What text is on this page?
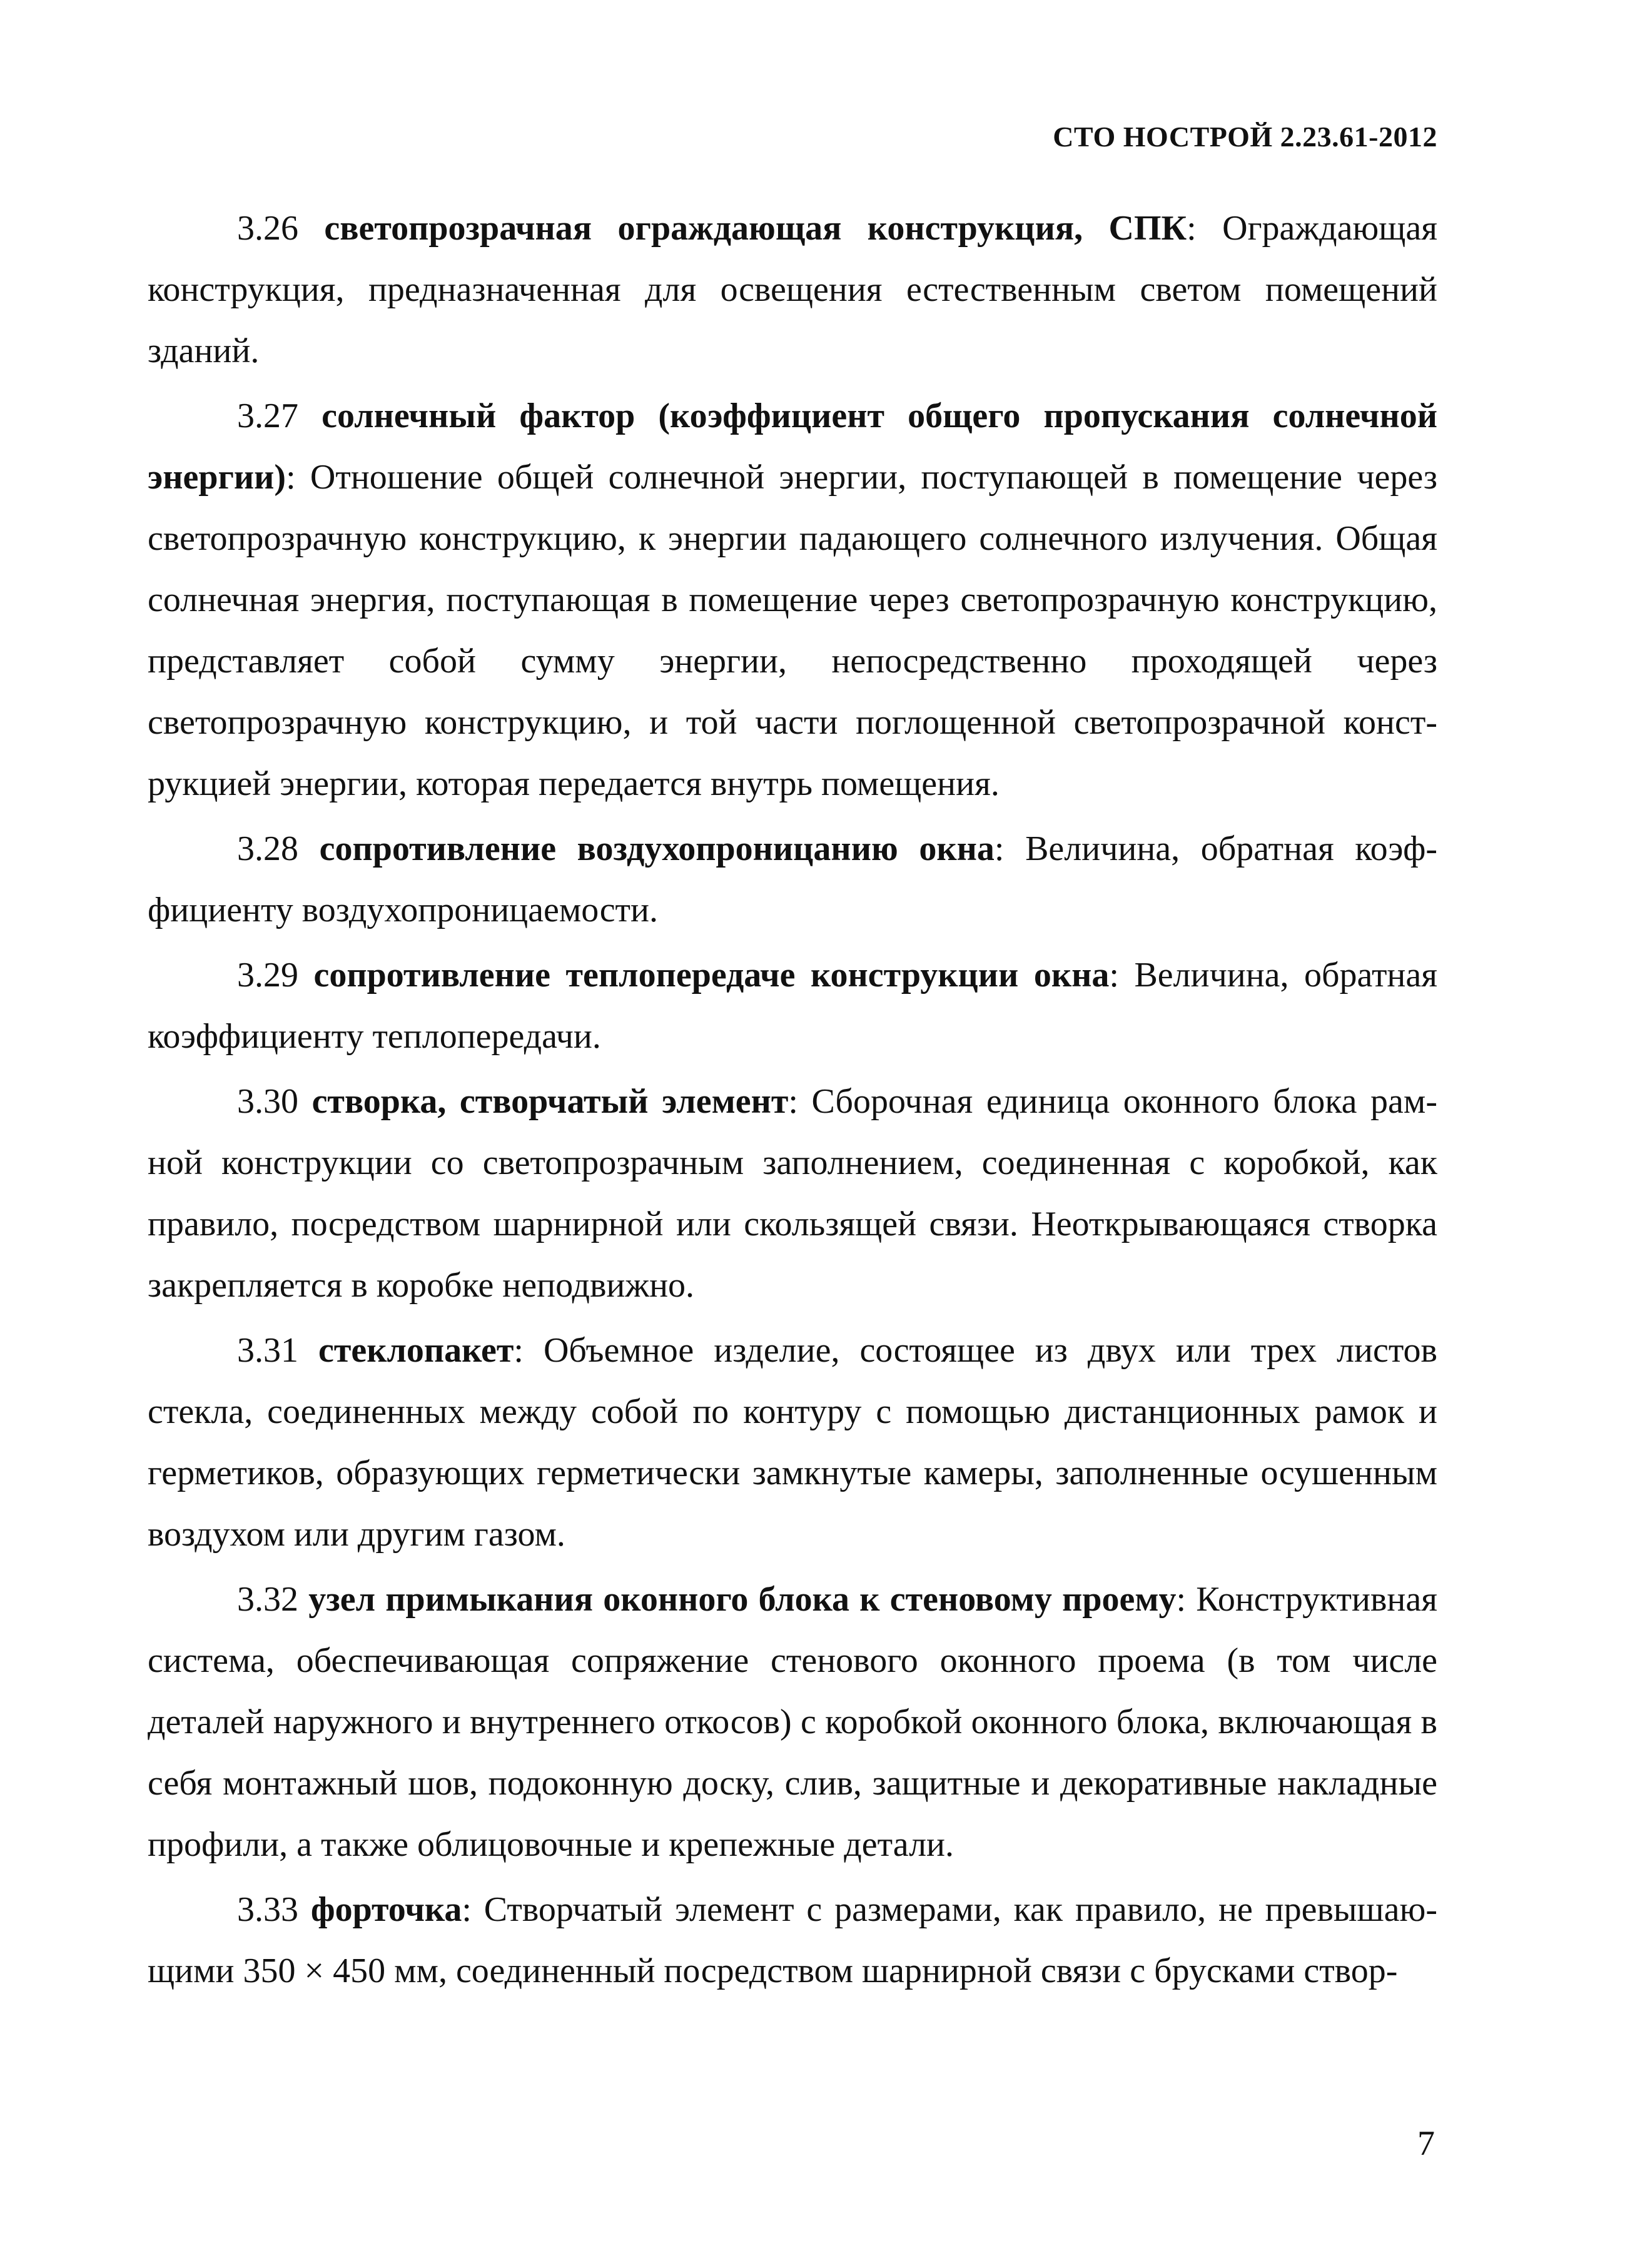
СТО НОСТРОЙ 2.23.61-2012

3.26 светопрозрачная ограждающая конструкция, СПК: Ограждающая конструкция, предназначенная для освещения естественным светом помещений зданий.

3.27 солнечный фактор (коэффициент общего пропускания солнечной энергии): Отношение общей солнечной энергии, поступающей в помещение через светопрозрачную конструкцию, к энергии падающего солнечного излучения. Общая солнечная энергия, поступающая в помещение через светопрозрачную конструкцию, представляет собой сумму энергии, непосредственно проходящей через светопрозрачную конструкцию, и той части поглощенной светопрозрачной конструкцией энергии, которая передается внутрь помещения.

3.28 сопротивление воздухопроницанию окна: Величина, обратная коэффициенту воздухопроницаемости.

3.29 сопротивление теплопередаче конструкции окна: Величина, обратная коэффициенту теплопередачи.

3.30 створка, створчатый элемент: Сборочная единица оконного блока рамной конструкции со светопрозрачным заполнением, соединенная с коробкой, как правило, посредством шарнирной или скользящей связи. Неоткрывающаяся створка закрепляется в коробке неподвижно.

3.31 стеклопакет: Объемное изделие, состоящее из двух или трех листов стекла, соединенных между собой по контуру с помощью дистанционных рамок и герметиков, образующих герметически замкнутые камеры, заполненные осушенным воздухом или другим газом.

3.32 узел примыкания оконного блока к стеновому проему: Конструктивная система, обеспечивающая сопряжение стенового оконного проема (в том числе деталей наружного и внутреннего откосов) с коробкой оконного блока, включающая в себя монтажный шов, подоконную доску, слив, защитные и декоративные накладные профили, а также облицовочные и крепежные детали.

3.33 форточка: Створчатый элемент с размерами, как правило, не превышающими 350 × 450 мм, соединенный посредством шарнирной связи с брусками створ-

7
